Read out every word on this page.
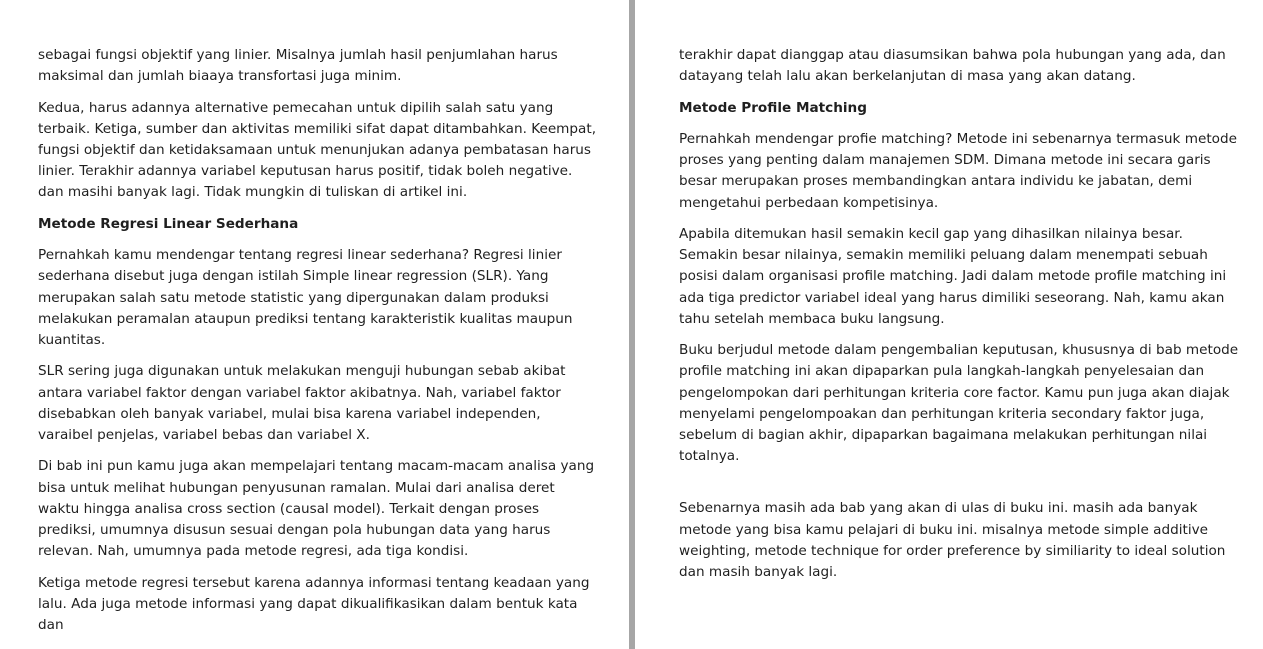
sebagai fungsi objektif yang linier. Misalnya jumlah hasil penjumlahan harus maksimal dan jumlah biaaya transfortasi juga minim.

Kedua, harus adannya alternative pemecahan untuk dipilih salah satu yang terbaik. Ketiga, sumber dan aktivitas memiliki sifat dapat ditambahkan. Keempat, fungsi objektif dan ketidaksamaan untuk menunjukan adanya pembatasan harus linier. Terakhir adannya variabel keputusan harus positif, tidak boleh negative. dan masihi banyak lagi. Tidak mungkin di tuliskan di artikel ini.

Metode Regresi Linear Sederhana

Pernahkah kamu mendengar tentang regresi linear sederhana? Regresi linier sederhana disebut juga dengan istilah Simple linear regression (SLR). Yang merupakan salah satu metode statistic yang dipergunakan dalam produksi melakukan peramalan ataupun prediksi tentang karakteristik kualitas maupun kuantitas.

SLR sering juga digunakan untuk melakukan menguji hubungan sebab akibat antara variabel faktor dengan variabel faktor akibatnya. Nah, variabel faktor disebabkan oleh banyak variabel, mulai bisa karena variabel independen, varaibel penjelas, variabel bebas dan variabel X.

Di bab ini pun kamu juga akan mempelajari tentang macam-macam analisa yang bisa untuk melihat hubungan penyusunan ramalan. Mulai dari analisa deret waktu hingga analisa cross section (causal model). Terkait dengan proses prediksi, umumnya disusun sesuai dengan pola hubungan data yang harus relevan. Nah, umumnya pada metode regresi, ada tiga kondisi.

Ketiga metode regresi tersebut karena adannya informasi tentang keadaan yang lalu. Ada juga metode informasi yang dapat dikualifikasikan dalam bentuk kata dan

terakhir dapat dianggap atau diasumsikan bahwa pola hubungan yang ada, dan datayang telah lalu akan berkelanjutan di masa yang akan datang.

Metode Profile Matching

Pernahkah mendengar profie matching? Metode ini sebenarnya termasuk metode proses yang penting dalam manajemen SDM. Dimana metode ini secara garis besar merupakan proses membandingkan antara individu ke jabatan, demi mengetahui perbedaan kompetisinya.

Apabila ditemukan hasil semakin kecil gap yang dihasilkan nilainya besar. Semakin besar nilainya, semakin memiliki peluang dalam menempati sebuah posisi dalam organisasi profile matching. Jadi dalam metode profile matching ini ada tiga predictor variabel ideal yang harus dimiliki seseorang. Nah, kamu akan tahu setelah membaca buku langsung.

Buku berjudul metode dalam pengembalian keputusan, khususnya di bab metode profile matching ini akan dipaparkan pula langkah-langkah penyelesaian dan pengelompokan dari perhitungan kriteria core factor. Kamu pun juga akan diajak menyelami pengelompoakan dan perhitungan kriteria secondary faktor juga, sebelum di bagian akhir, dipaparkan bagaimana melakukan perhitungan nilai totalnya.

Sebenarnya masih ada bab yang akan di ulas di buku ini. masih ada banyak metode yang bisa kamu pelajari di buku ini. misalnya metode simple additive weighting, metode technique for order preference by similiarity to ideal solution dan masih banyak lagi.
